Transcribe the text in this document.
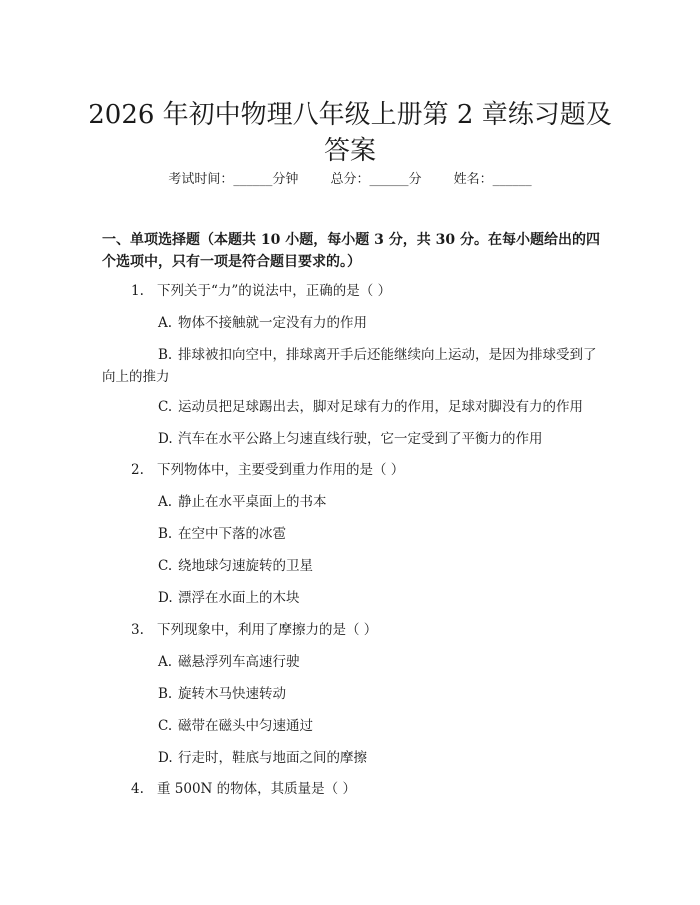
2026 年初中物理八年级上册第 2 章练习题及
答案
考试时间：______分钟 总分：______分 姓名：______
一、单项选择题（本题共 10 小题，每小题 3 分，共 30 分。在每小题给出的四个选项中，只有一项是符合题目要求的。）
1. 下列关于“力”的说法中，正确的是（ ）
A. 物体不接触就一定没有力的作用
B. 排球被扣向空中，排球离开手后还能继续向上运动，是因为排球受到了向上的推力
C. 运动员把足球踢出去，脚对足球有力的作用，足球对脚没有力的作用
D. 汽车在水平公路上匀速直线行驶，它一定受到了平衡力的作用
2. 下列物体中，主要受到重力作用的是（ ）
A. 静止在水平桌面上的书本
B. 在空中下落的冰雹
C. 绕地球匀速旋转的卫星
D. 漂浮在水面上的木块
3. 下列现象中，利用了摩擦力的是（ ）
A. 磁悬浮列车高速行驶
B. 旋转木马快速转动
C. 磁带在磁头中匀速通过
D. 行走时，鞋底与地面之间的摩擦
4. 重 500N 的物体，其质量是（ ）
